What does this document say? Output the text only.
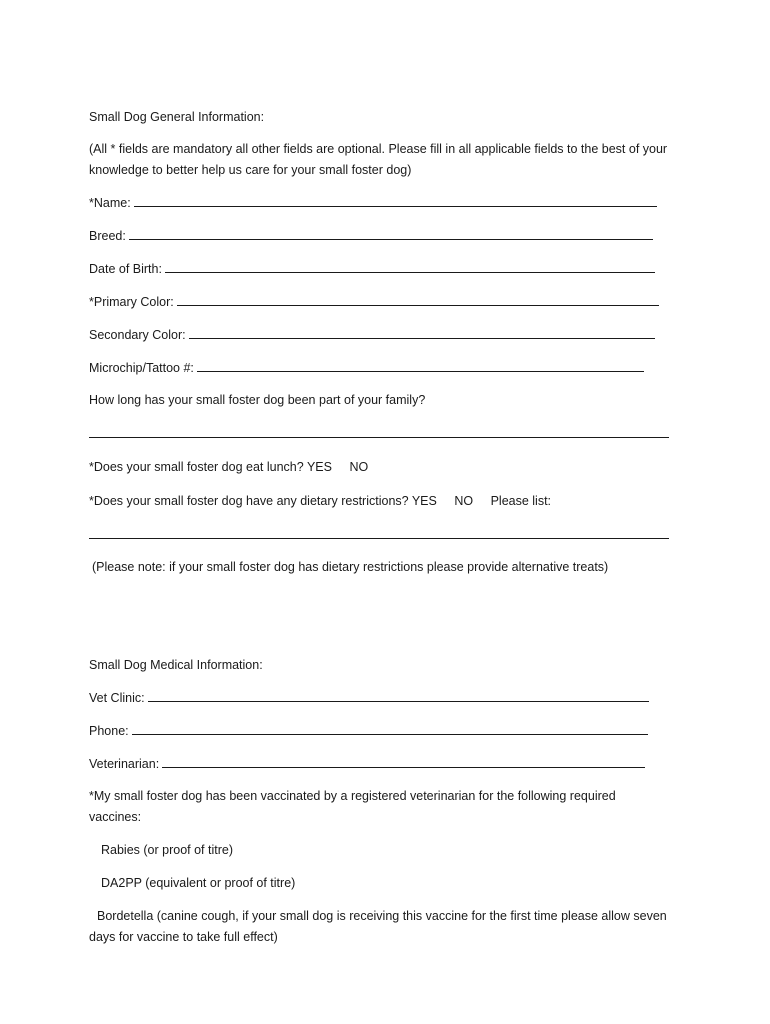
Small Dog General Information:
(All * fields are mandatory all other fields are optional. Please fill in all applicable fields to the best of your knowledge to better help us care for your small foster dog)
*Name:
Breed:
Date of Birth:
*Primary Color:
Secondary Color:
Microchip/Tattoo #:
How long has your small foster dog been part of your family?
*Does your small foster dog eat lunch? YES NO
*Does your small foster dog have any dietary restrictions? YES NO Please list:
(Please note: if your small foster dog has dietary restrictions please provide alternative treats)
Small Dog Medical Information:
Vet Clinic:
Phone:
Veterinarian:
*My small foster dog has been vaccinated by a registered veterinarian for the following required vaccines:
Rabies (or proof of titre)
DA2PP (equivalent or proof of titre)
Bordetella (canine cough, if your small dog is receiving this vaccine for the first time please allow seven days for vaccine to take full effect)
